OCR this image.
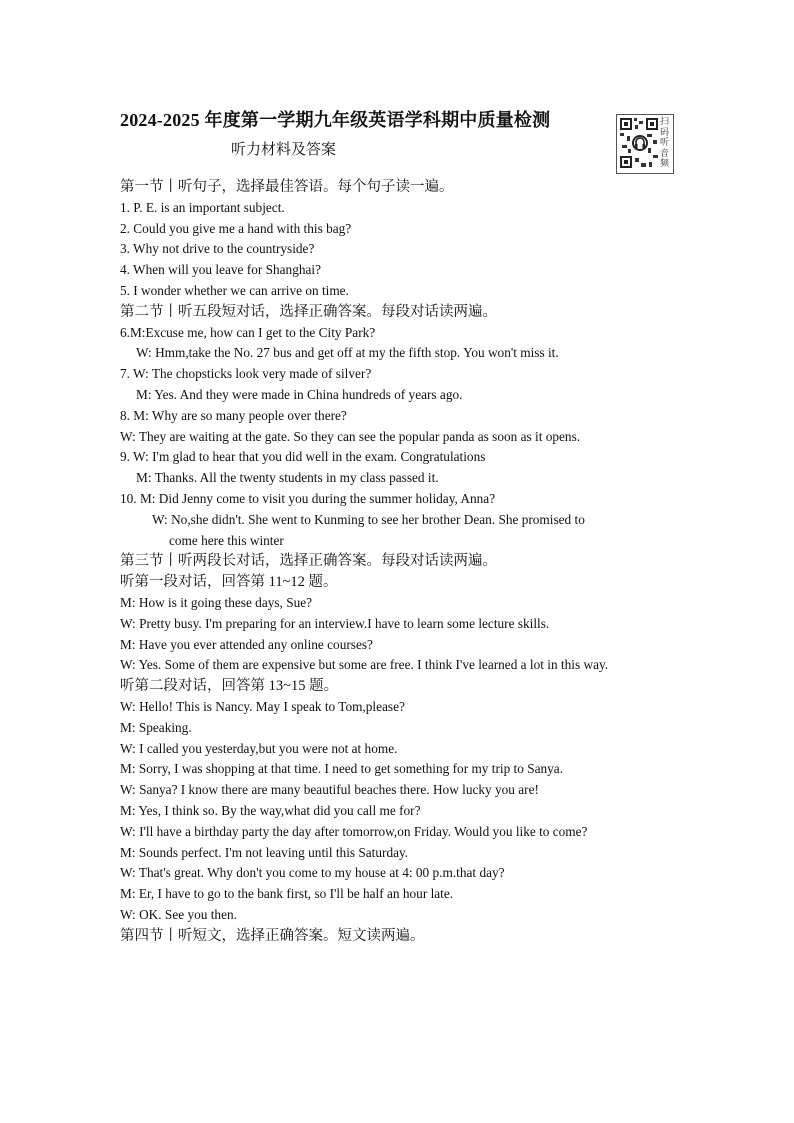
2024-2025 年度第一学期九年级英语学科期中质量检测
听力材料及答案
扫码听音频
第一节丨听句子，选择最佳答语。每个句子读一遍。
1. P. E. is an important subject.
2. Could you give me a hand with this bag?
3. Why not drive to the countryside?
4. When will you leave for Shanghai?
5. I wonder whether we can arrive on time.
第二节丨听五段短对话，选择正确答案。每段对话读两遍。
6.M:Excuse me, how can I get to the City Park?
W: Hmm,take the No. 27 bus and get off at my the fifth stop. You won't miss it.
7. W: The chopsticks look very made of silver?
M: Yes. And they were made in China hundreds of years ago.
8. M: Why are so many people over there?
W: They are waiting at the gate. So they can see the popular panda as soon as it opens.
9. W: I'm glad to hear that you did well in the exam. Congratulations
M: Thanks. All the twenty students in my class passed it.
10. M: Did Jenny come to visit you during the summer holiday, Anna?
W: No,she didn't. She went to Kunming to see her brother Dean. She promised to
come here this winter
第三节丨听两段长对话，选择正确答案。每段对话读两遍。
听第一段对话，回答第 11~12 题。
M: How is it going these days, Sue?
W: Pretty busy. I'm preparing for an interview.I have to learn some lecture skills.
M: Have you ever attended any online courses?
W: Yes. Some of them are expensive but some are free. I think I've learned a lot in this way.
听第二段对话，回答第 13~15 题。
W: Hello! This is Nancy. May I speak to Tom,please?
M: Speaking.
W: I called you yesterday,but you were not at home.
M: Sorry, I was shopping at that time. I need to get something for my trip to Sanya.
W: Sanya? I know there are many beautiful beaches there. How lucky you are!
M: Yes, I think so. By the way,what did you call me for?
W: I'll have a birthday party the day after tomorrow,on Friday. Would you like to come?
M: Sounds perfect. I'm not leaving until this Saturday.
W: That's great. Why don't you come to my house at 4: 00 p.m.that day?
M: Er, I have to go to the bank first, so I'll be half an hour late.
W: OK. See you then.
第四节丨听短文，选择正确答案。短文读两遍。
